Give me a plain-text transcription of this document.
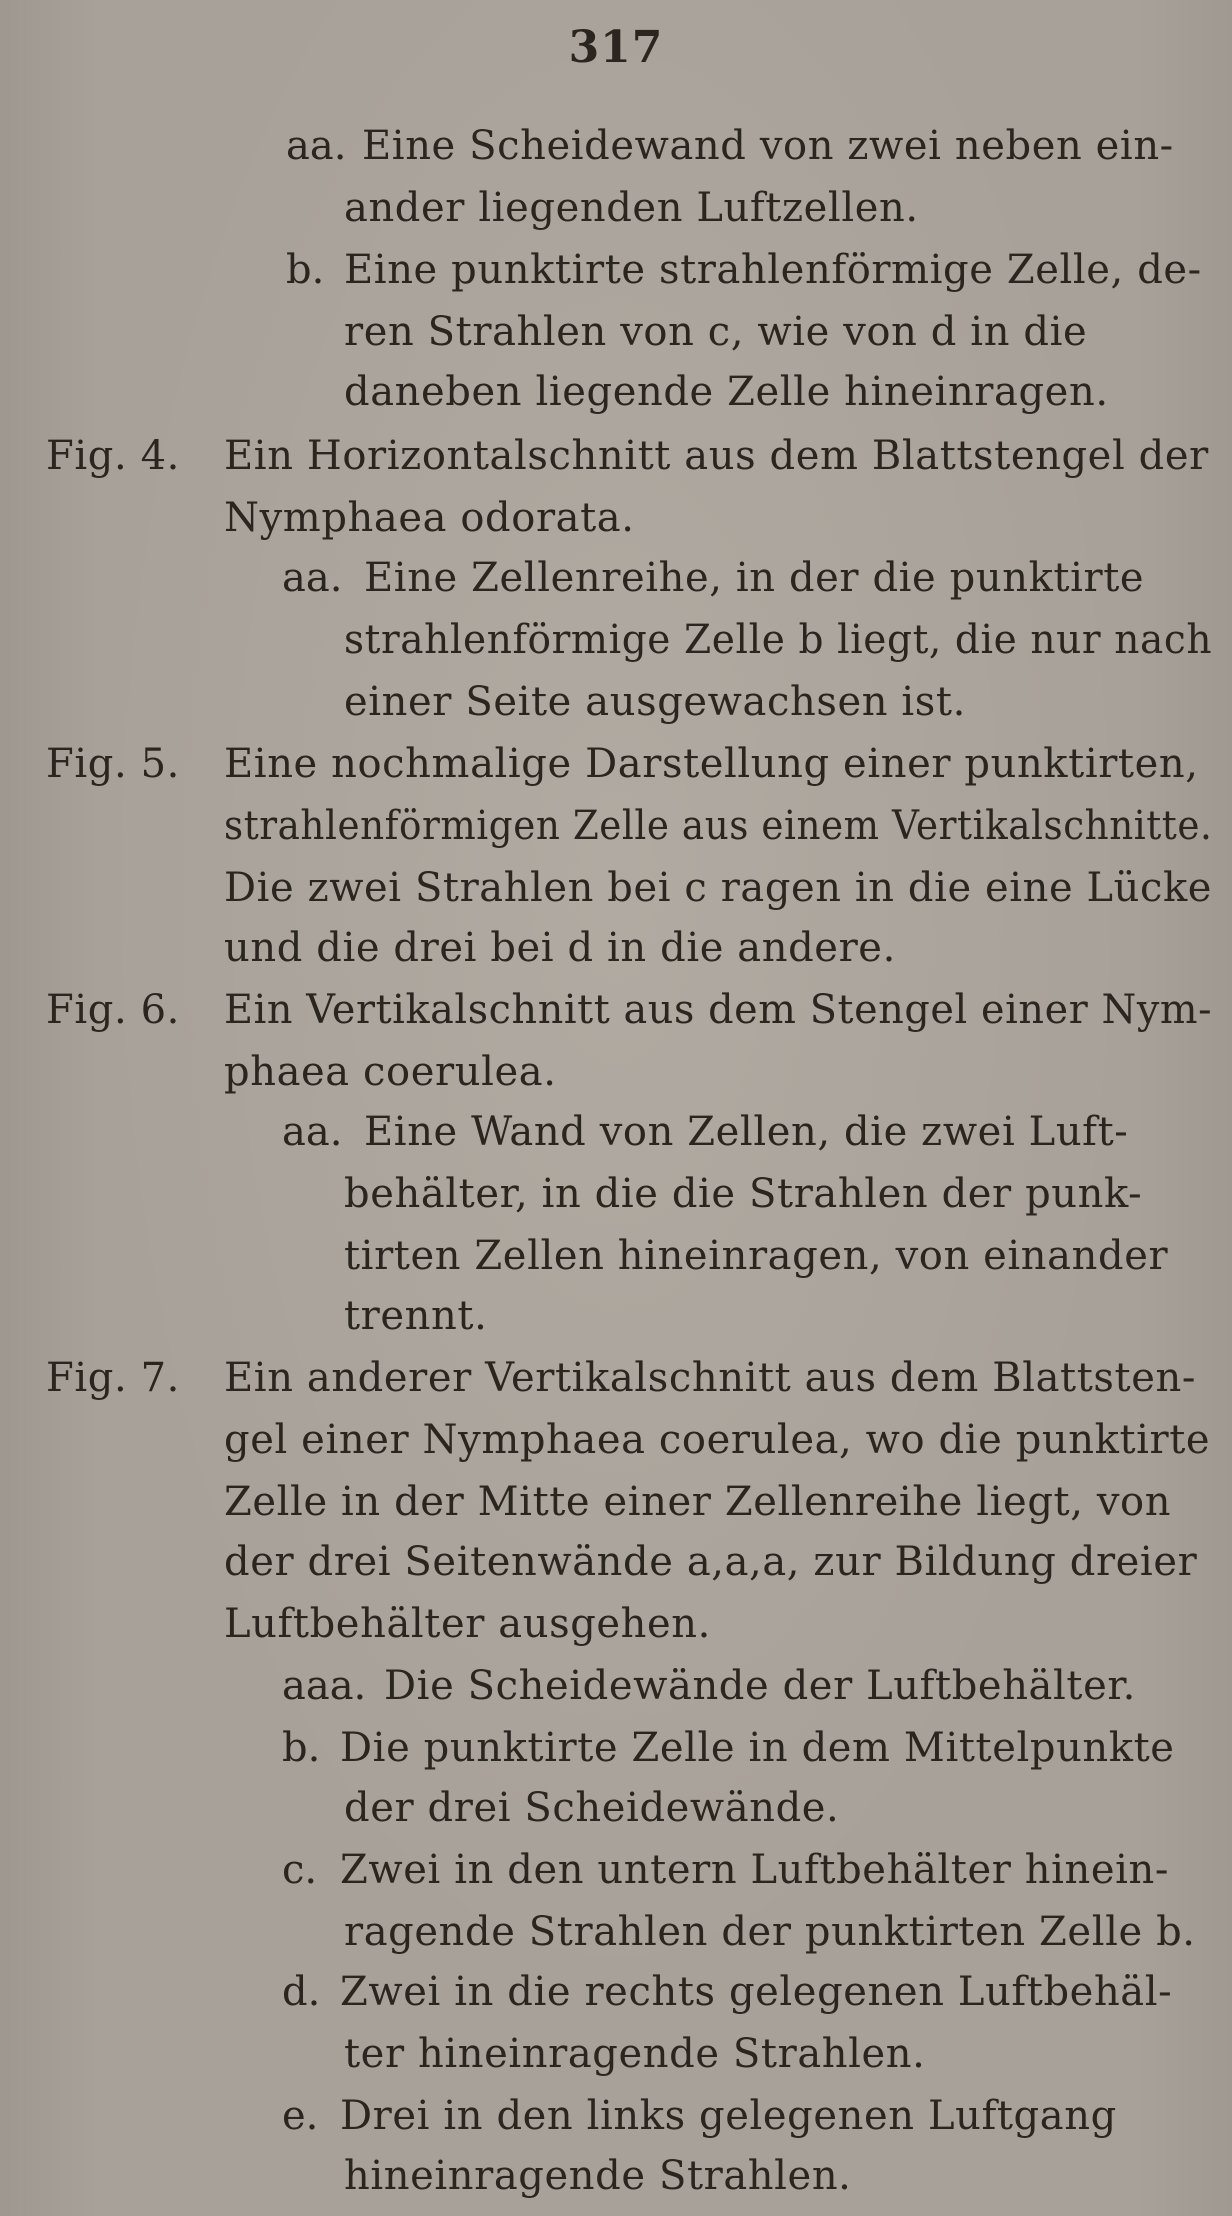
317
aa. Eine Scheidewand von zwei neben ein-
ander liegenden Luftzellen.
b. Eine punktirte strahlenförmige Zelle, de-
ren Strahlen von c, wie von d in die
daneben liegende Zelle hineinragen.
Fig. 4. Ein Horizontalschnitt aus dem Blattstengel der
Nymphaea odorata.
aa. Eine Zellenreihe, in der die punktirte
strahlenförmige Zelle b liegt, die nur nach
einer Seite ausgewachsen ist.
Fig. 5. Eine nochmalige Darstellung einer punktirten,
strahlenförmigen Zelle aus einem Vertikalschnitte.
Die zwei Strahlen bei c ragen in die eine Lücke
und die drei bei d in die andere.
Fig. 6. Ein Vertikalschnitt aus dem Stengel einer Nym-
phaea coerulea.
aa. Eine Wand von Zellen, die zwei Luft-
behälter, in die die Strahlen der punk-
tirten Zellen hineinragen, von einander
trennt.
Fig. 7. Ein anderer Vertikalschnitt aus dem Blattsten-
gel einer Nymphaea coerulea, wo die punktirte
Zelle in der Mitte einer Zellenreihe liegt, von
der drei Seitenwände a,a,a, zur Bildung dreier
Luftbehälter ausgehen.
aaa. Die Scheidewände der Luftbehälter.
b. Die punktirte Zelle in dem Mittelpunkte
der drei Scheidewände.
c. Zwei in den untern Luftbehälter hinein-
ragende Strahlen der punktirten Zelle b.
d. Zwei in die rechts gelegenen Luftbehäl-
ter hineinragende Strahlen.
e. Drei in den links gelegenen Luftgang
hineinragende Strahlen.
